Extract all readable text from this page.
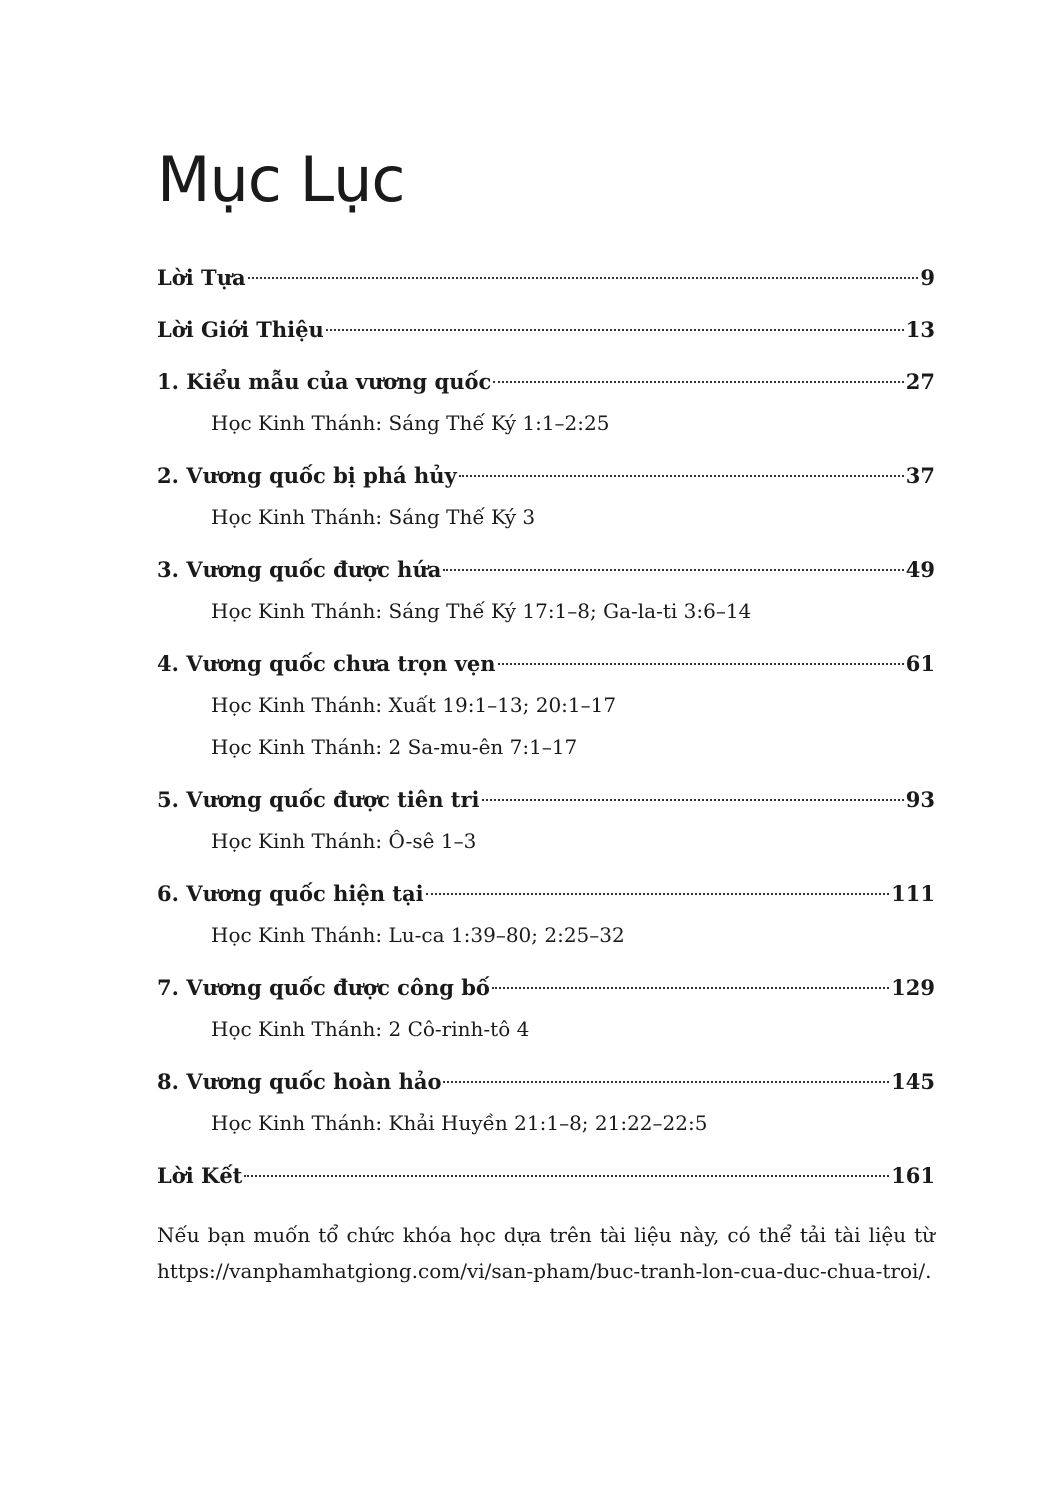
Mục Lục
Lời Tựa	9
Lời Giới Thiệu	13
1. Kiểu mẫu của vương quốc	27
Học Kinh Thánh: Sáng Thế Ký 1:1–2:25
2. Vương quốc bị phá hủy	37
Học Kinh Thánh: Sáng Thế Ký 3
3. Vương quốc được hứa	49
Học Kinh Thánh: Sáng Thế Ký 17:1–8; Ga-la-ti 3:6–14
4. Vương quốc chưa trọn vẹn	61
Học Kinh Thánh: Xuất 19:1–13; 20:1–17
Học Kinh Thánh: 2 Sa-mu-ên 7:1–17
5. Vương quốc được tiên tri	93
Học Kinh Thánh: Ô-sê 1–3
6. Vương quốc hiện tại	111
Học Kinh Thánh: Lu-ca 1:39–80; 2:25–32
7. Vương quốc được công bố	129
Học Kinh Thánh: 2 Cô-rinh-tô 4
8. Vương quốc hoàn hảo	145
Học Kinh Thánh: Khải Huyền 21:1–8; 21:22–22:5
Lời Kết	161

Nếu bạn muốn tổ chức khóa học dựa trên tài liệu này, có thể tải tài liệu từ https://vanphamhatgiong.com/vi/san-pham/buc-tranh-lon-cua-duc-chua-troi/.
